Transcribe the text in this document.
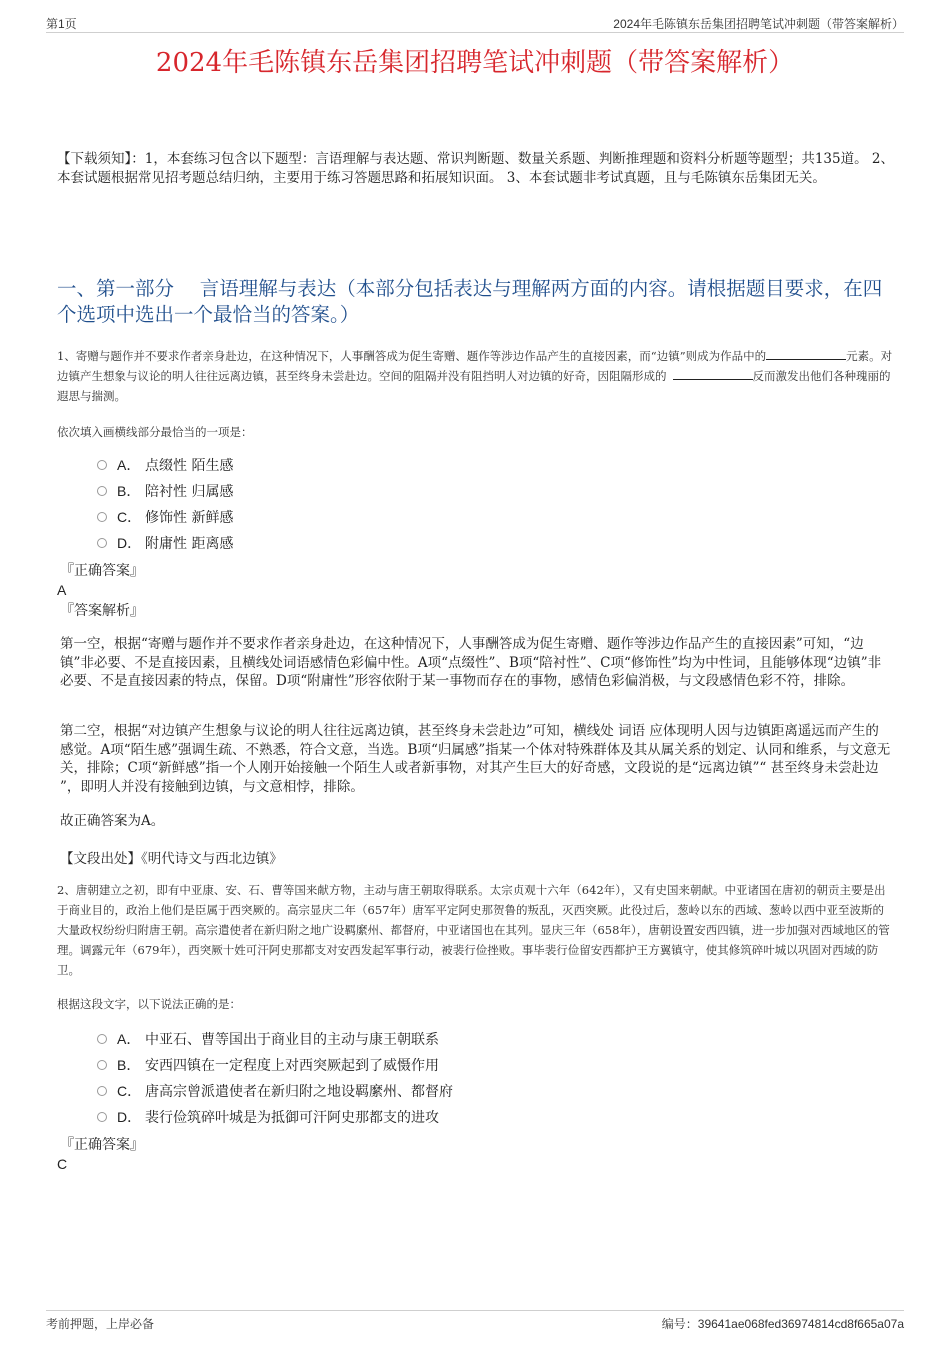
第1页	2024年毛陈镇东岳集团招聘笔试冲刺题（带答案解析）
2024年毛陈镇东岳集团招聘笔试冲刺题（带答案解析）
【下载须知】：1，本套练习包含以下题型：言语理解与表达题、常识判断题、数量关系题、判断推理题和资料分析题等题型；共135道。 2、本套试题根据常见招考题总结归纳，主要用于练习答题思路和拓展知识面。 3、本套试题非考试真题，且与毛陈镇东岳集团无关。
一、第一部分　 言语理解与表达（本部分包括表达与理解两方面的内容。请根据题目要求，在四个选项中选出一个最恰当的答案。）
1、寄赠与题作并不要求作者亲身赴边，在这种情况下，人事酬答成为促生寄赠、题作等涉边作品产生的直接因素，而“边镇”则成为作品中的	元素。对边镇产生想象与议论的明人往往远离边镇，甚至终身未尝赴边。空间的阻隔并没有阻挡明人对边镇的好奇，因阻隔形成的	反而激发出他们各种瑰丽的遐思与揣测。
依次填入画横线部分最恰当的一项是：
A． 点缀性 陌生感
B． 陪衬性 归属感
C． 修饰性 新鲜感
D． 附庸性 距离感
『正确答案』
A
『答案解析』
第一空，根据“寄赠与题作并不要求作者亲身赴边，在这种情况下，人事酬答成为促生寄赠、题作等涉边作品产生的直接因素”可知，“边镇”非必要、不是直接因素，且横线处词语感情色彩偏中性。A项“点缀性”、B项“陪衬性”、C项“修饰性”均为中性词，且能够体现“边镇”非必要、不是直接因素的特点，保留。D项“附庸性”形容依附于某一事物而存在的事物，感情色彩偏消极，与文段感情色彩不符，排除。
第二空，根据“对边镇产生想象与议论的明人往往远离边镇，甚至终身未尝赴边”可知，横线处 词语 应体现明人因与边镇距离遥远而产生的感觉。A项“陌生感”强调生疏、不熟悉，符合文意，当选。B项“归属感”指某一个体对特殊群体及其从属关系的划定、认同和维系，与文意无关，排除；C项“新鲜感”指一个人刚开始接触一个陌生人或者新事物，对其产生巨大的好奇感，文段说的是“远离边镇”“ 甚至终身未尝赴边 ”，即明人并没有接触到边镇，与文意相悖，排除。
故正确答案为A。
【文段出处】《明代诗文与西北边镇》
2、唐朝建立之初，即有中亚康、安、石、曹等国来献方物，主动与唐王朝取得联系。太宗贞观十六年（642年），又有史国来朝献。中亚诸国在唐初的朝贡主要是出于商业目的，政治上他们是臣属于西突厥的。高宗显庆二年（657年）唐军平定阿史那贺鲁的叛乱，灭西突厥。此役过后，葱岭以东的西域、葱岭以西中亚至波斯的大量政权纷纷归附唐王朝。高宗遣使者在新归附之地广设羁縻州、都督府，中亚诸国也在其列。显庆三年（658年），唐朝设置安西四镇，进一步加强对西域地区的管理。调露元年（679年），西突厥十姓可汗阿史那都支对安西发起军事行动，被裴行俭挫败。事毕裴行俭留安西都护王方翼镇守，使其修筑碎叶城以巩固对西域的防卫。
根据这段文字，以下说法正确的是：
A． 中亚石、曹等国出于商业目的主动与康王朝联系
B． 安西四镇在一定程度上对西突厥起到了威慑作用
C． 唐高宗曾派遣使者在新归附之地设羁縻州、都督府
D． 裴行俭筑碎叶城是为抵御可汗阿史那都支的进攻
『正确答案』
C
考前押题，上岸必备	编号：39641ae068fed36974814cd8f665a07a
